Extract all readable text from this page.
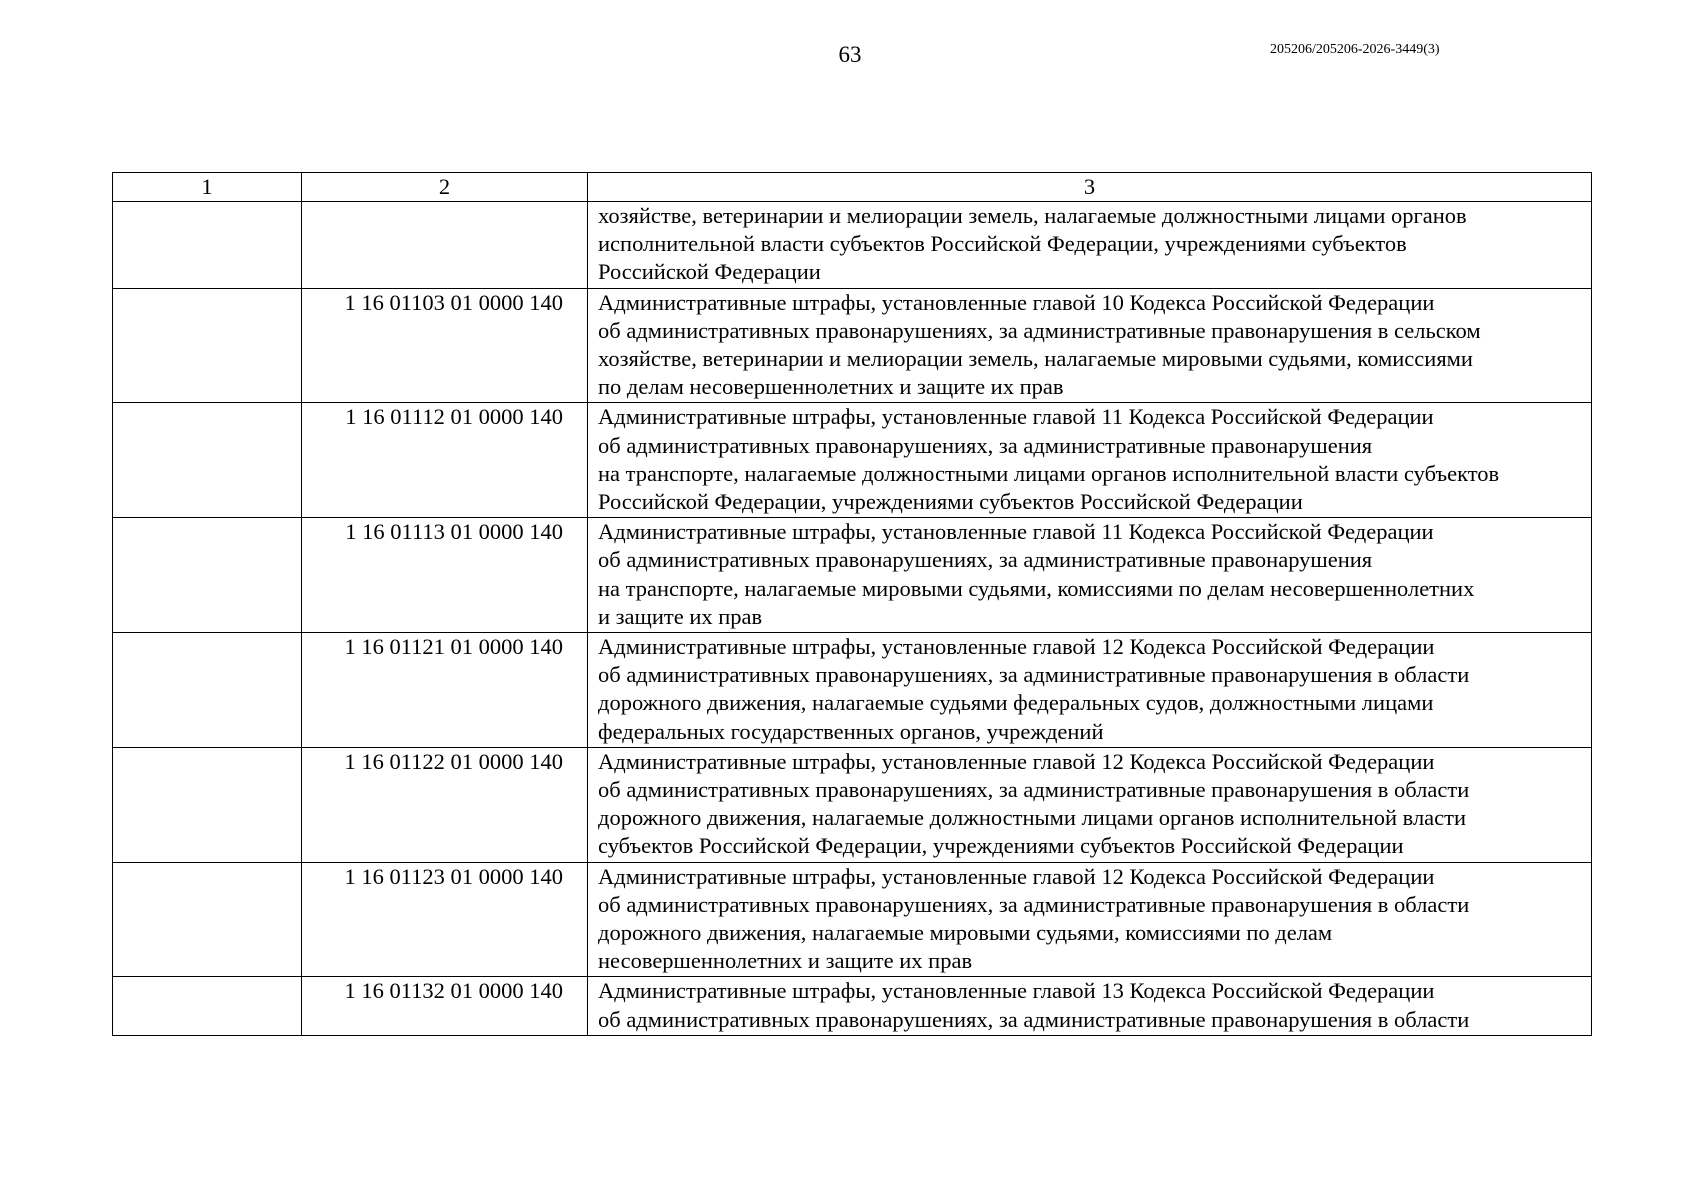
63	205206/205206-2026-3449(3)
1	2	3

		хозяйстве, ветеринарии и мелиорации земель, налагаемые должностными лицами органов
исполнительной власти субъектов Российской Федерации, учреждениями субъектов
Российской Федерации

	1 16 01103 01 0000 140	Административные штрафы, установленные главой 10 Кодекса Российской Федерации
об административных правонарушениях, за административные правонарушения в сельском
хозяйстве, ветеринарии и мелиорации земель, налагаемые мировыми судьями, комиссиями
по делам несовершеннолетних и защите их прав

	1 16 01112 01 0000 140	Административные штрафы, установленные главой 11 Кодекса Российской Федерации
об административных правонарушениях, за административные правонарушения
на транспорте, налагаемые должностными лицами органов исполнительной власти субъектов
Российской Федерации, учреждениями субъектов Российской Федерации

	1 16 01113 01 0000 140	Административные штрафы, установленные главой 11 Кодекса Российской Федерации
об административных правонарушениях, за административные правонарушения
на транспорте, налагаемые мировыми судьями, комиссиями по делам несовершеннолетних
и защите их прав

	1 16 01121 01 0000 140	Административные штрафы, установленные главой 12 Кодекса Российской Федерации
об административных правонарушениях, за административные правонарушения в области
дорожного движения, налагаемые судьями федеральных судов, должностными лицами
федеральных государственных органов, учреждений

	1 16 01122 01 0000 140	Административные штрафы, установленные главой 12 Кодекса Российской Федерации
об административных правонарушениях, за административные правонарушения в области
дорожного движения, налагаемые должностными лицами органов исполнительной власти
субъектов Российской Федерации, учреждениями субъектов Российской Федерации

	1 16 01123 01 0000 140	Административные штрафы, установленные главой 12 Кодекса Российской Федерации
об административных правонарушениях, за административные правонарушения в области
дорожного движения, налагаемые мировыми судьями, комиссиями по делам
несовершеннолетних и защите их прав

	1 16 01132 01 0000 140	Административные штрафы, установленные главой 13 Кодекса Российской Федерации
об административных правонарушениях, за административные правонарушения в области
